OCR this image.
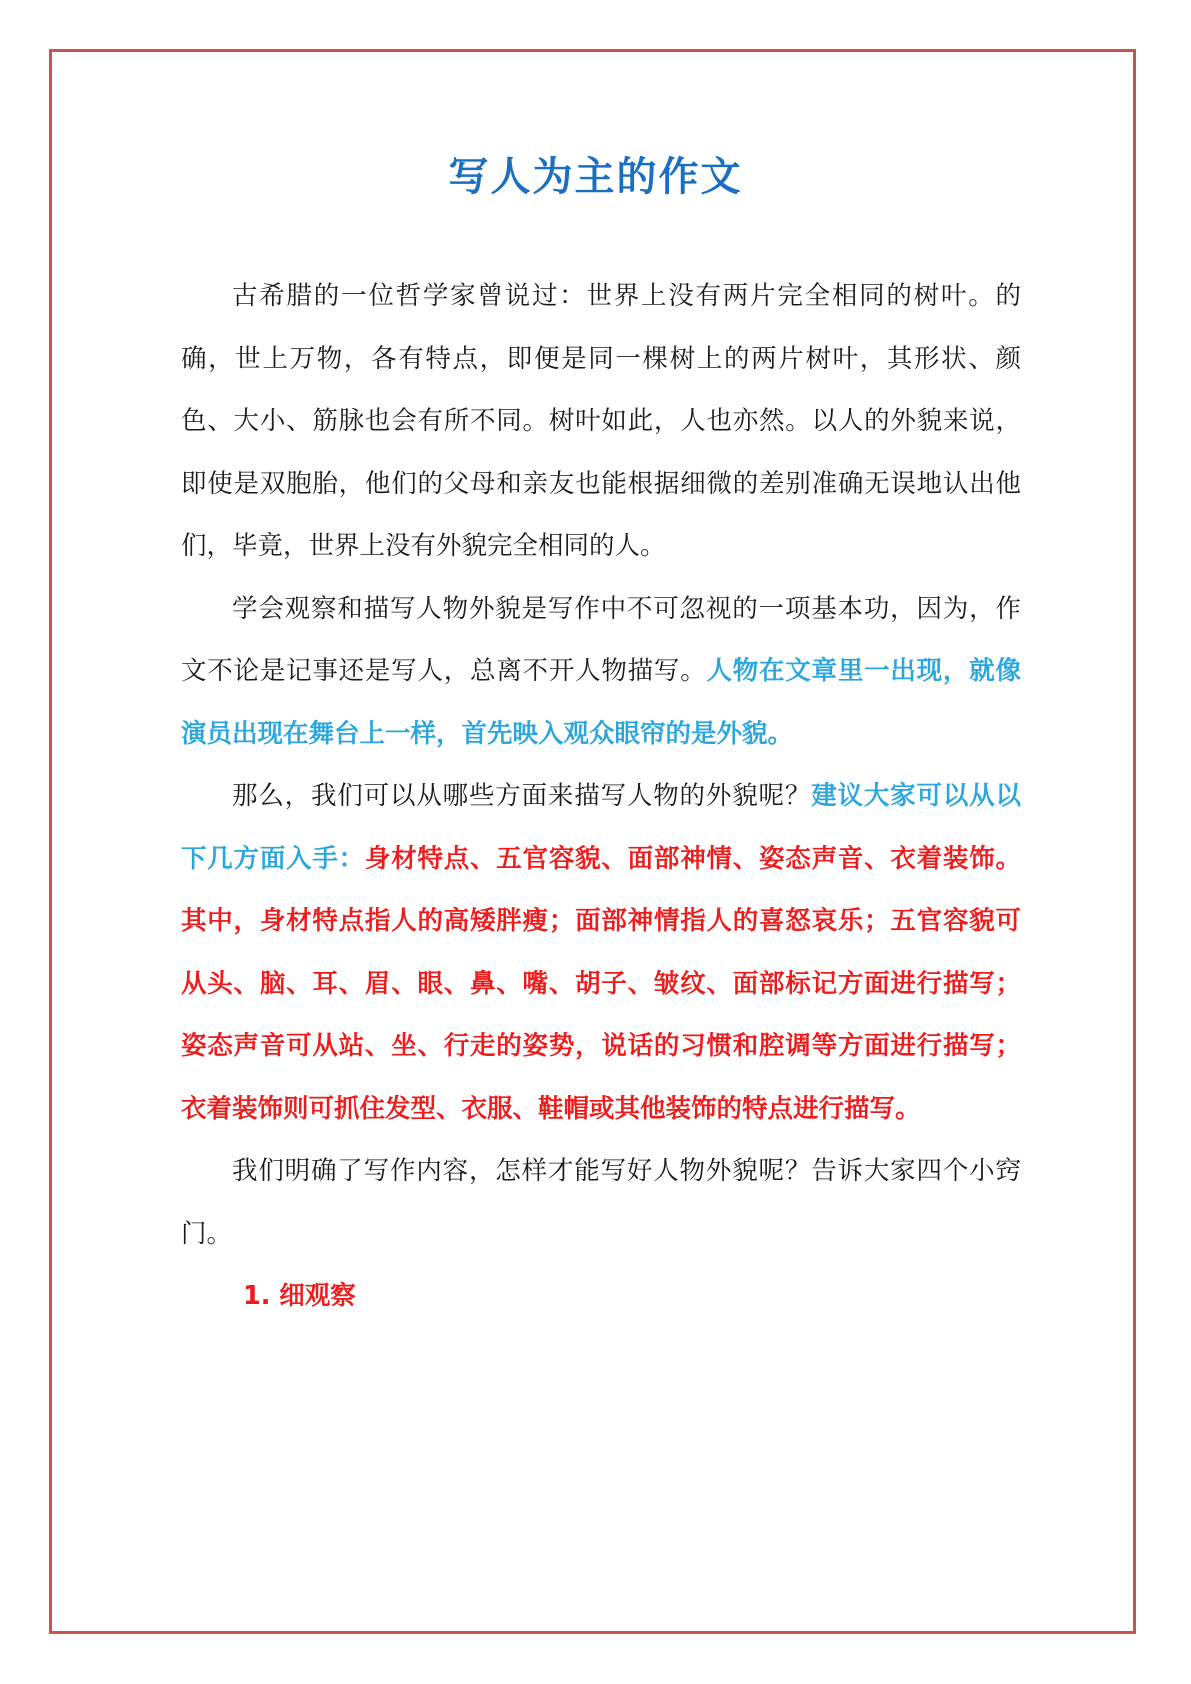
写人为主的作文

古希腊的一位哲学家曾说过：世界上没有两片完全相同的树叶。的确，世上万物，各有特点，即便是同一棵树上的两片树叶，其形状、颜色、大小、筋脉也会有所不同。树叶如此，人也亦然。以人的外貌来说，即使是双胞胎，他们的父母和亲友也能根据细微的差别准确无误地认出他们，毕竟，世界上没有外貌完全相同的人。

学会观察和描写人物外貌是写作中不可忽视的一项基本功，因为，作文不论是记事还是写人，总离不开人物描写。人物在文章里一出现，就像演员出现在舞台上一样，首先映入观众眼帘的是外貌。

那么，我们可以从哪些方面来描写人物的外貌呢？建议大家可以从以下几方面入手：身材特点、五官容貌、面部神情、姿态声音、衣着装饰。其中，身材特点指人的高矮胖瘦；面部神情指人的喜怒哀乐；五官容貌可从头、脑、耳、眉、眼、鼻、嘴、胡子、皱纹、面部标记方面进行描写；姿态声音可从站、坐、行走的姿势，说话的习惯和腔调等方面进行描写；衣着装饰则可抓住发型、衣服、鞋帽或其他装饰的特点进行描写。

我们明确了写作内容，怎样才能写好人物外貌呢？告诉大家四个小窍门。

1. 细观察
